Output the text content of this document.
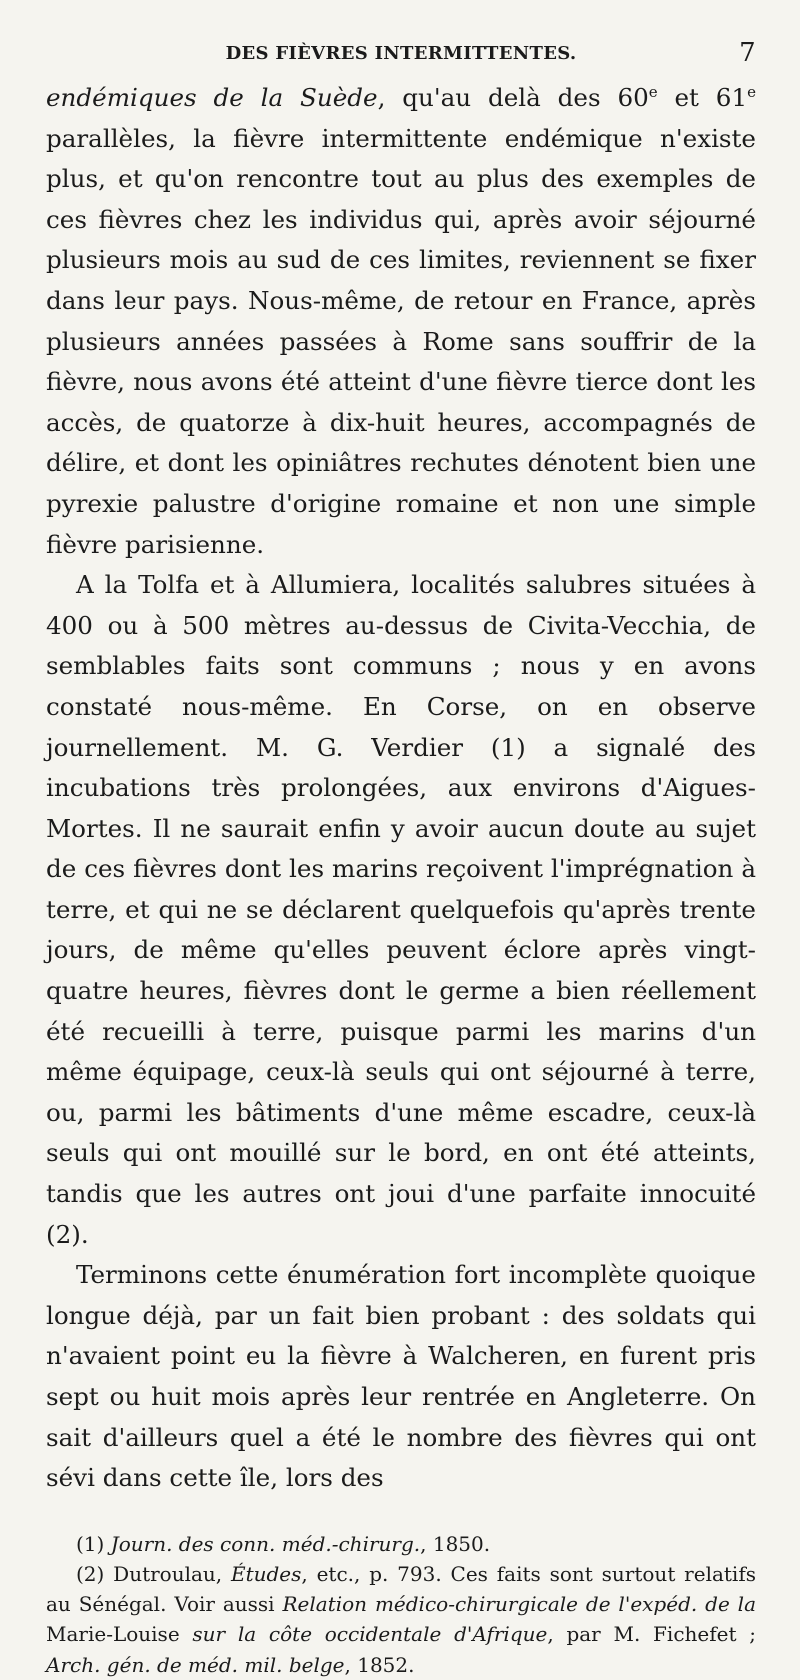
DES FIÈVRES INTERMITTENTES.	7

endémiques de la Suède, qu'au delà des 60e et 61e parallèles, la fièvre intermittente endémique n'existe plus, et qu'on rencontre tout au plus des exemples de ces fièvres chez les individus qui, après avoir séjourné plusieurs mois au sud de ces limites, reviennent se fixer dans leur pays. Nous-même, de retour en France, après plusieurs années passées à Rome sans souffrir de la fièvre, nous avons été atteint d'une fièvre tierce dont les accès, de quatorze à dix-huit heures, accompagnés de délire, et dont les opiniâtres rechutes dénotent bien une pyrexie palustre d'origine romaine et non une simple fièvre parisienne.

A la Tolfa et à Allumiera, localités salubres situées à 400 ou à 500 mètres au-dessus de Civita-Vecchia, de semblables faits sont communs ; nous y en avons constaté nous-même. En Corse, on en observe journellement. M. G. Verdier (1) a signalé des incubations très prolongées, aux environs d'Aigues-Mortes. Il ne saurait enfin y avoir aucun doute au sujet de ces fièvres dont les marins reçoivent l'imprégnation à terre, et qui ne se déclarent quelquefois qu'après trente jours, de même qu'elles peuvent éclore après vingt-quatre heures, fièvres dont le germe a bien réellement été recueilli à terre, puisque parmi les marins d'un même équipage, ceux-là seuls qui ont séjourné à terre, ou, parmi les bâtiments d'une même escadre, ceux-là seuls qui ont mouillé sur le bord, en ont été atteints, tandis que les autres ont joui d'une parfaite innocuité (2).

Terminons cette énumération fort incomplète quoique longue déjà, par un fait bien probant : des soldats qui n'avaient point eu la fièvre à Walcheren, en furent pris sept ou huit mois après leur rentrée en Angleterre. On sait d'ailleurs quel a été le nombre des fièvres qui ont sévi dans cette île, lors des

(1) Journ. des conn. méd.-chirurg., 1850.

(2) Dutroulau, Études, etc., p. 793. Ces faits sont surtout relatifs au Sénégal. Voir aussi Relation médico-chirurgicale de l'expéd. de la Marie-Louise sur la côte occidentale d'Afrique, par M. Fichefet ; Arch. gén. de méd. mil. belge, 1852.
